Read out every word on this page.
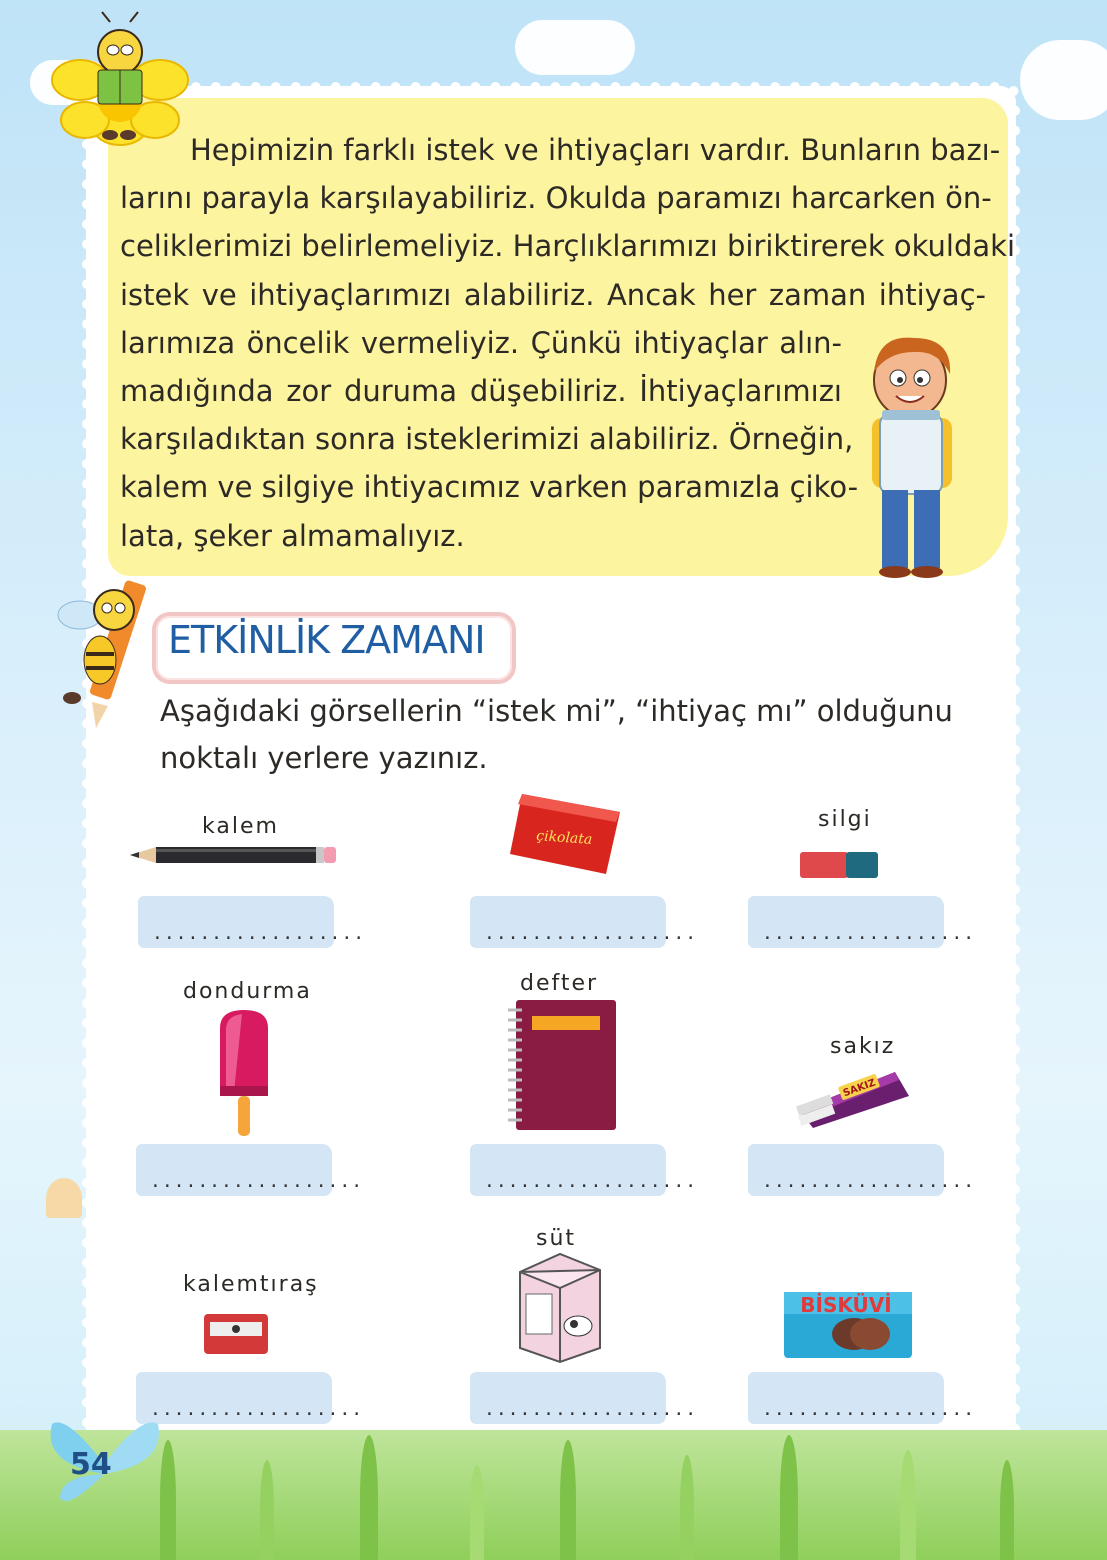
Hepimizin farklı istek ve ihtiyaçları vardır. Bunların bazı-
larını parayla karşılayabiliriz. Okulda paramızı harcarken ön-
celiklerimizi belirlemeliyiz. Harçlıklarımızı biriktirerek okuldaki
istek ve ihtiyaçlarımızı alabiliriz. Ancak her zaman ihtiyaç-
larımıza öncelik vermeliyiz. Çünkü ihtiyaçlar alın-
madığında zor duruma düşebiliriz. İhtiyaçlarımızı
karşıladıktan sonra isteklerimizi alabiliriz. Örneğin,
kalem ve silgiye ihtiyacımız varken paramızla çiko-
lata, şeker almamalıyız.

ETKİNLİK ZAMANI

Aşağıdaki görsellerin “istek mi”, “ihtiyaç mı” olduğunu
noktalı yerlere yazınız.

kalem
..................
çikolata
..................
silgi
..................
dondurma
..................
defter
..................
sakız
SAKIZ
..................
kalemtıraş
..................
süt
..................
BİSKÜVİ
..................
54
